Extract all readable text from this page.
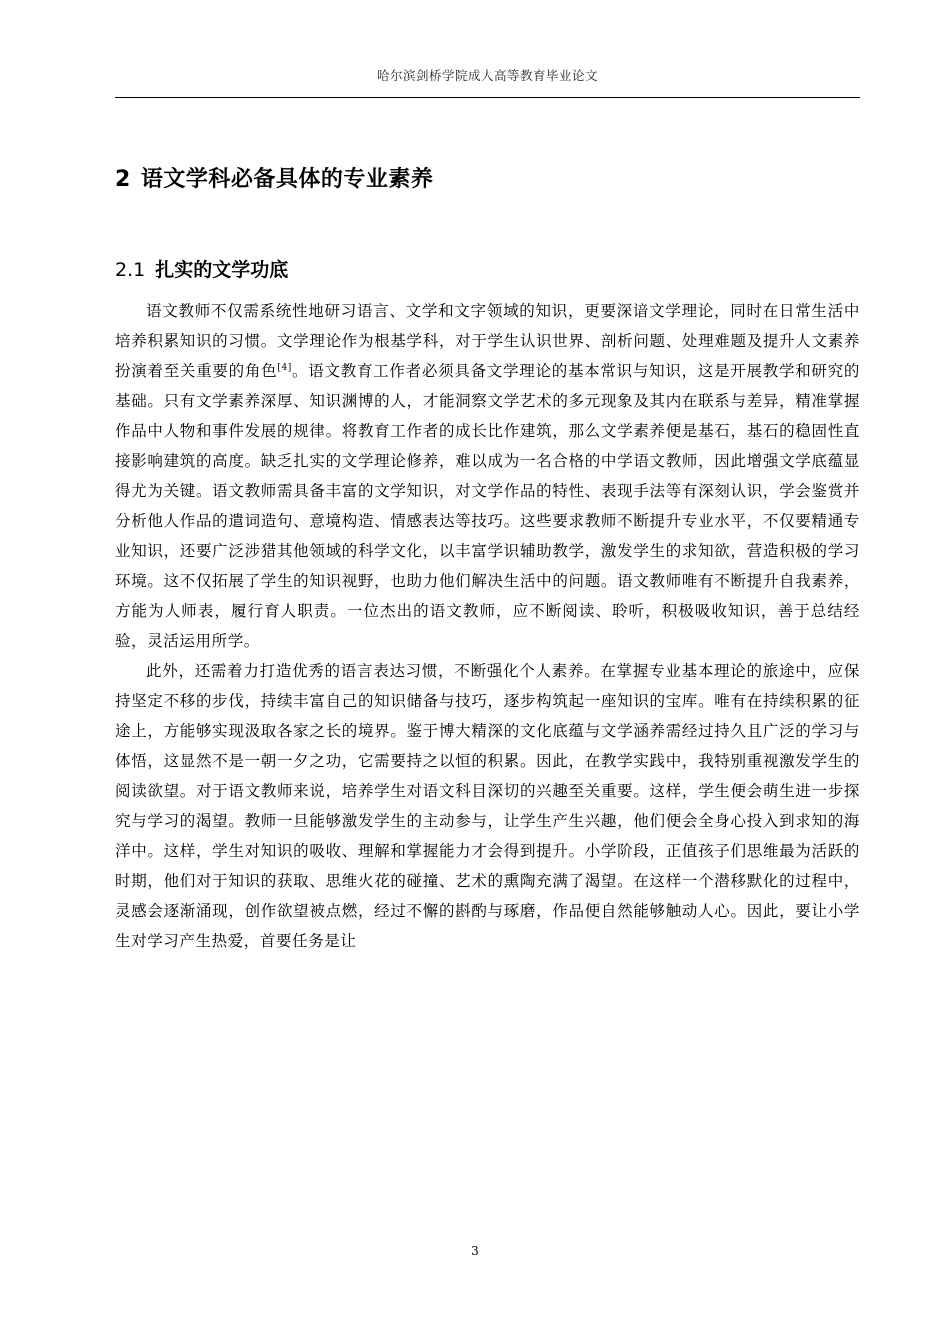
哈尔滨剑桥学院成人高等教育毕业论文
2 语文学科必备具体的专业素养
2.1 扎实的文学功底

语文教师不仅需系统性地研习语言、文学和文字领域的知识，更要深谙文学理论，同时在日常生活中培养积累知识的习惯。文学理论作为根基学科，对于学生认识世界、剖析问题、处理难题及提升人文素养扮演着至关重要的角色[4]。语文教育工作者必须具备文学理论的基本常识与知识，这是开展教学和研究的基础。只有文学素养深厚、知识渊博的人，才能洞察文学艺术的多元现象及其内在联系与差异，精准掌握作品中人物和事件发展的规律。将教育工作者的成长比作建筑，那么文学素养便是基石，基石的稳固性直接影响建筑的高度。缺乏扎实的文学理论修养，难以成为一名合格的中学语文教师，因此增强文学底蕴显得尤为关键。语文教师需具备丰富的文学知识，对文学作品的特性、表现手法等有深刻认识，学会鉴赏并分析他人作品的遣词造句、意境构造、情感表达等技巧。这些要求教师不断提升专业水平，不仅要精通专业知识，还要广泛涉猎其他领域的科学文化，以丰富学识辅助教学，激发学生的求知欲，营造积极的学习环境。这不仅拓展了学生的知识视野，也助力他们解决生活中的问题。语文教师唯有不断提升自我素养，方能为人师表，履行育人职责。一位杰出的语文教师，应不断阅读、聆听，积极吸收知识，善于总结经验，灵活运用所学。

此外，还需着力打造优秀的语言表达习惯，不断强化个人素养。在掌握专业基本理论的旅途中，应保持坚定不移的步伐，持续丰富自己的知识储备与技巧，逐步构筑起一座知识的宝库。唯有在持续积累的征途上，方能够实现汲取各家之长的境界。鉴于博大精深的文化底蕴与文学涵养需经过持久且广泛的学习与体悟，这显然不是一朝一夕之功，它需要持之以恒的积累。因此，在教学实践中，我特别重视激发学生的阅读欲望。对于语文教师来说，培养学生对语文科目深切的兴趣至关重要。这样，学生便会萌生进一步探究与学习的渴望。教师一旦能够激发学生的主动参与，让学生产生兴趣，他们便会全身心投入到求知的海洋中。这样，学生对知识的吸收、理解和掌握能力才会得到提升。小学阶段，正值孩子们思维最为活跃的时期，他们对于知识的获取、思维火花的碰撞、艺术的熏陶充满了渴望。在这样一个潜移默化的过程中，灵感会逐渐涌现，创作欲望被点燃，经过不懈的斟酌与琢磨，作品便自然能够触动人心。因此，要让小学生对学习产生热爱，首要任务是让

3
